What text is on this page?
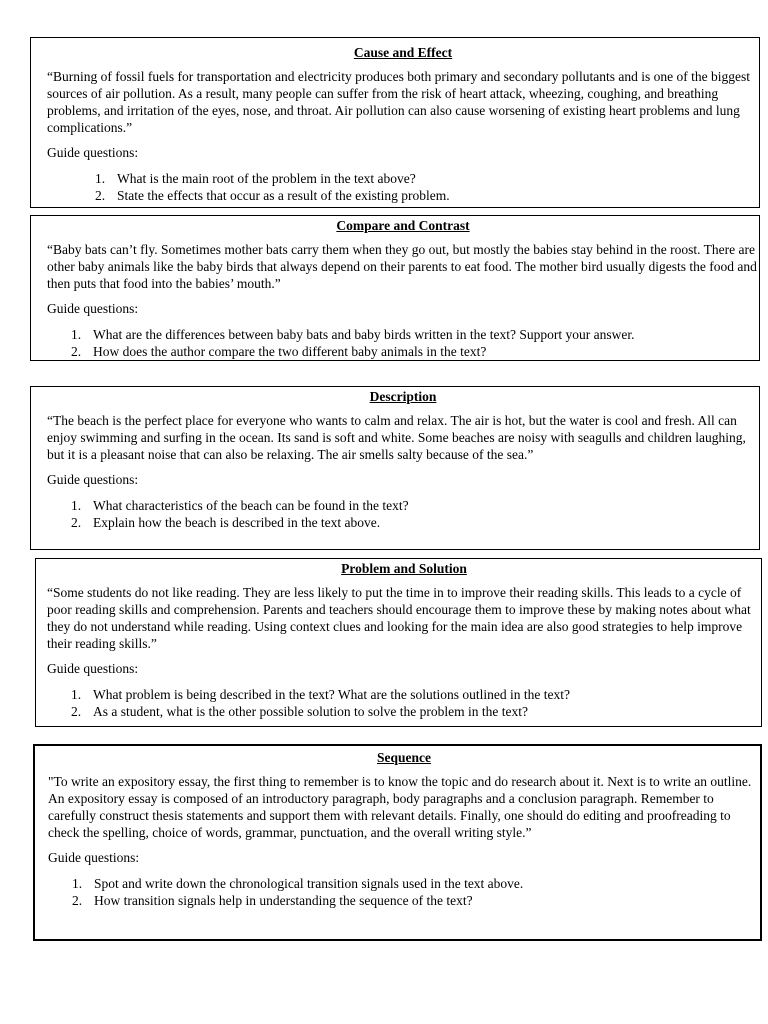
Cause and Effect

“Burning of fossil fuels for transportation and electricity produces both primary and secondary pollutants and is one of the biggest sources of air pollution. As a result, many people can suffer from the risk of heart attack, wheezing, coughing, and breathing problems, and irritation of the eyes, nose, and throat. Air pollution can also cause worsening of existing heart problems and lung complications.”

Guide questions:

1. What is the main root of the problem in the text above?
2. State the effects that occur as a result of the existing problem.
Compare and Contrast

“Baby bats can’t fly. Sometimes mother bats carry them when they go out, but mostly the babies stay behind in the roost. There are other baby animals like the baby birds that always depend on their parents to eat food. The mother bird usually digests the food and then puts that food into the babies’ mouth.”

Guide questions:

1. What are the differences between baby bats and baby birds written in the text? Support your answer.
2. How does the author compare the two different baby animals in the text?
Description

“The beach is the perfect place for everyone who wants to calm and relax. The air is hot, but the water is cool and fresh. All can enjoy swimming and surfing in the ocean. Its sand is soft and white. Some beaches are noisy with seagulls and children laughing, but it is a pleasant noise that can also be relaxing. The air smells salty because of the sea.”

Guide questions:

1. What characteristics of the beach can be found in the text?
2. Explain how the beach is described in the text above.
Problem and Solution

“Some students do not like reading. They are less likely to put the time in to improve their reading skills. This leads to a cycle of poor reading skills and comprehension. Parents and teachers should encourage them to improve these by making notes about what they do not understand while reading. Using context clues and looking for the main idea are also good strategies to help improve their reading skills.”

Guide questions:

1. What problem is being described in the text? What are the solutions outlined in the text?
2. As a student, what is the other possible solution to solve the problem in the text?
Sequence

"To write an expository essay, the first thing to remember is to know the topic and do research about it. Next is to write an outline. An expository essay is composed of an introductory paragraph, body paragraphs and a conclusion paragraph. Remember to carefully construct thesis statements and support them with relevant details. Finally, one should do editing and proofreading to check the spelling, choice of words, grammar, punctuation, and the overall writing style.”

Guide questions:

1. Spot and write down the chronological transition signals used in the text above.
2. How transition signals help in understanding the sequence of the text?
